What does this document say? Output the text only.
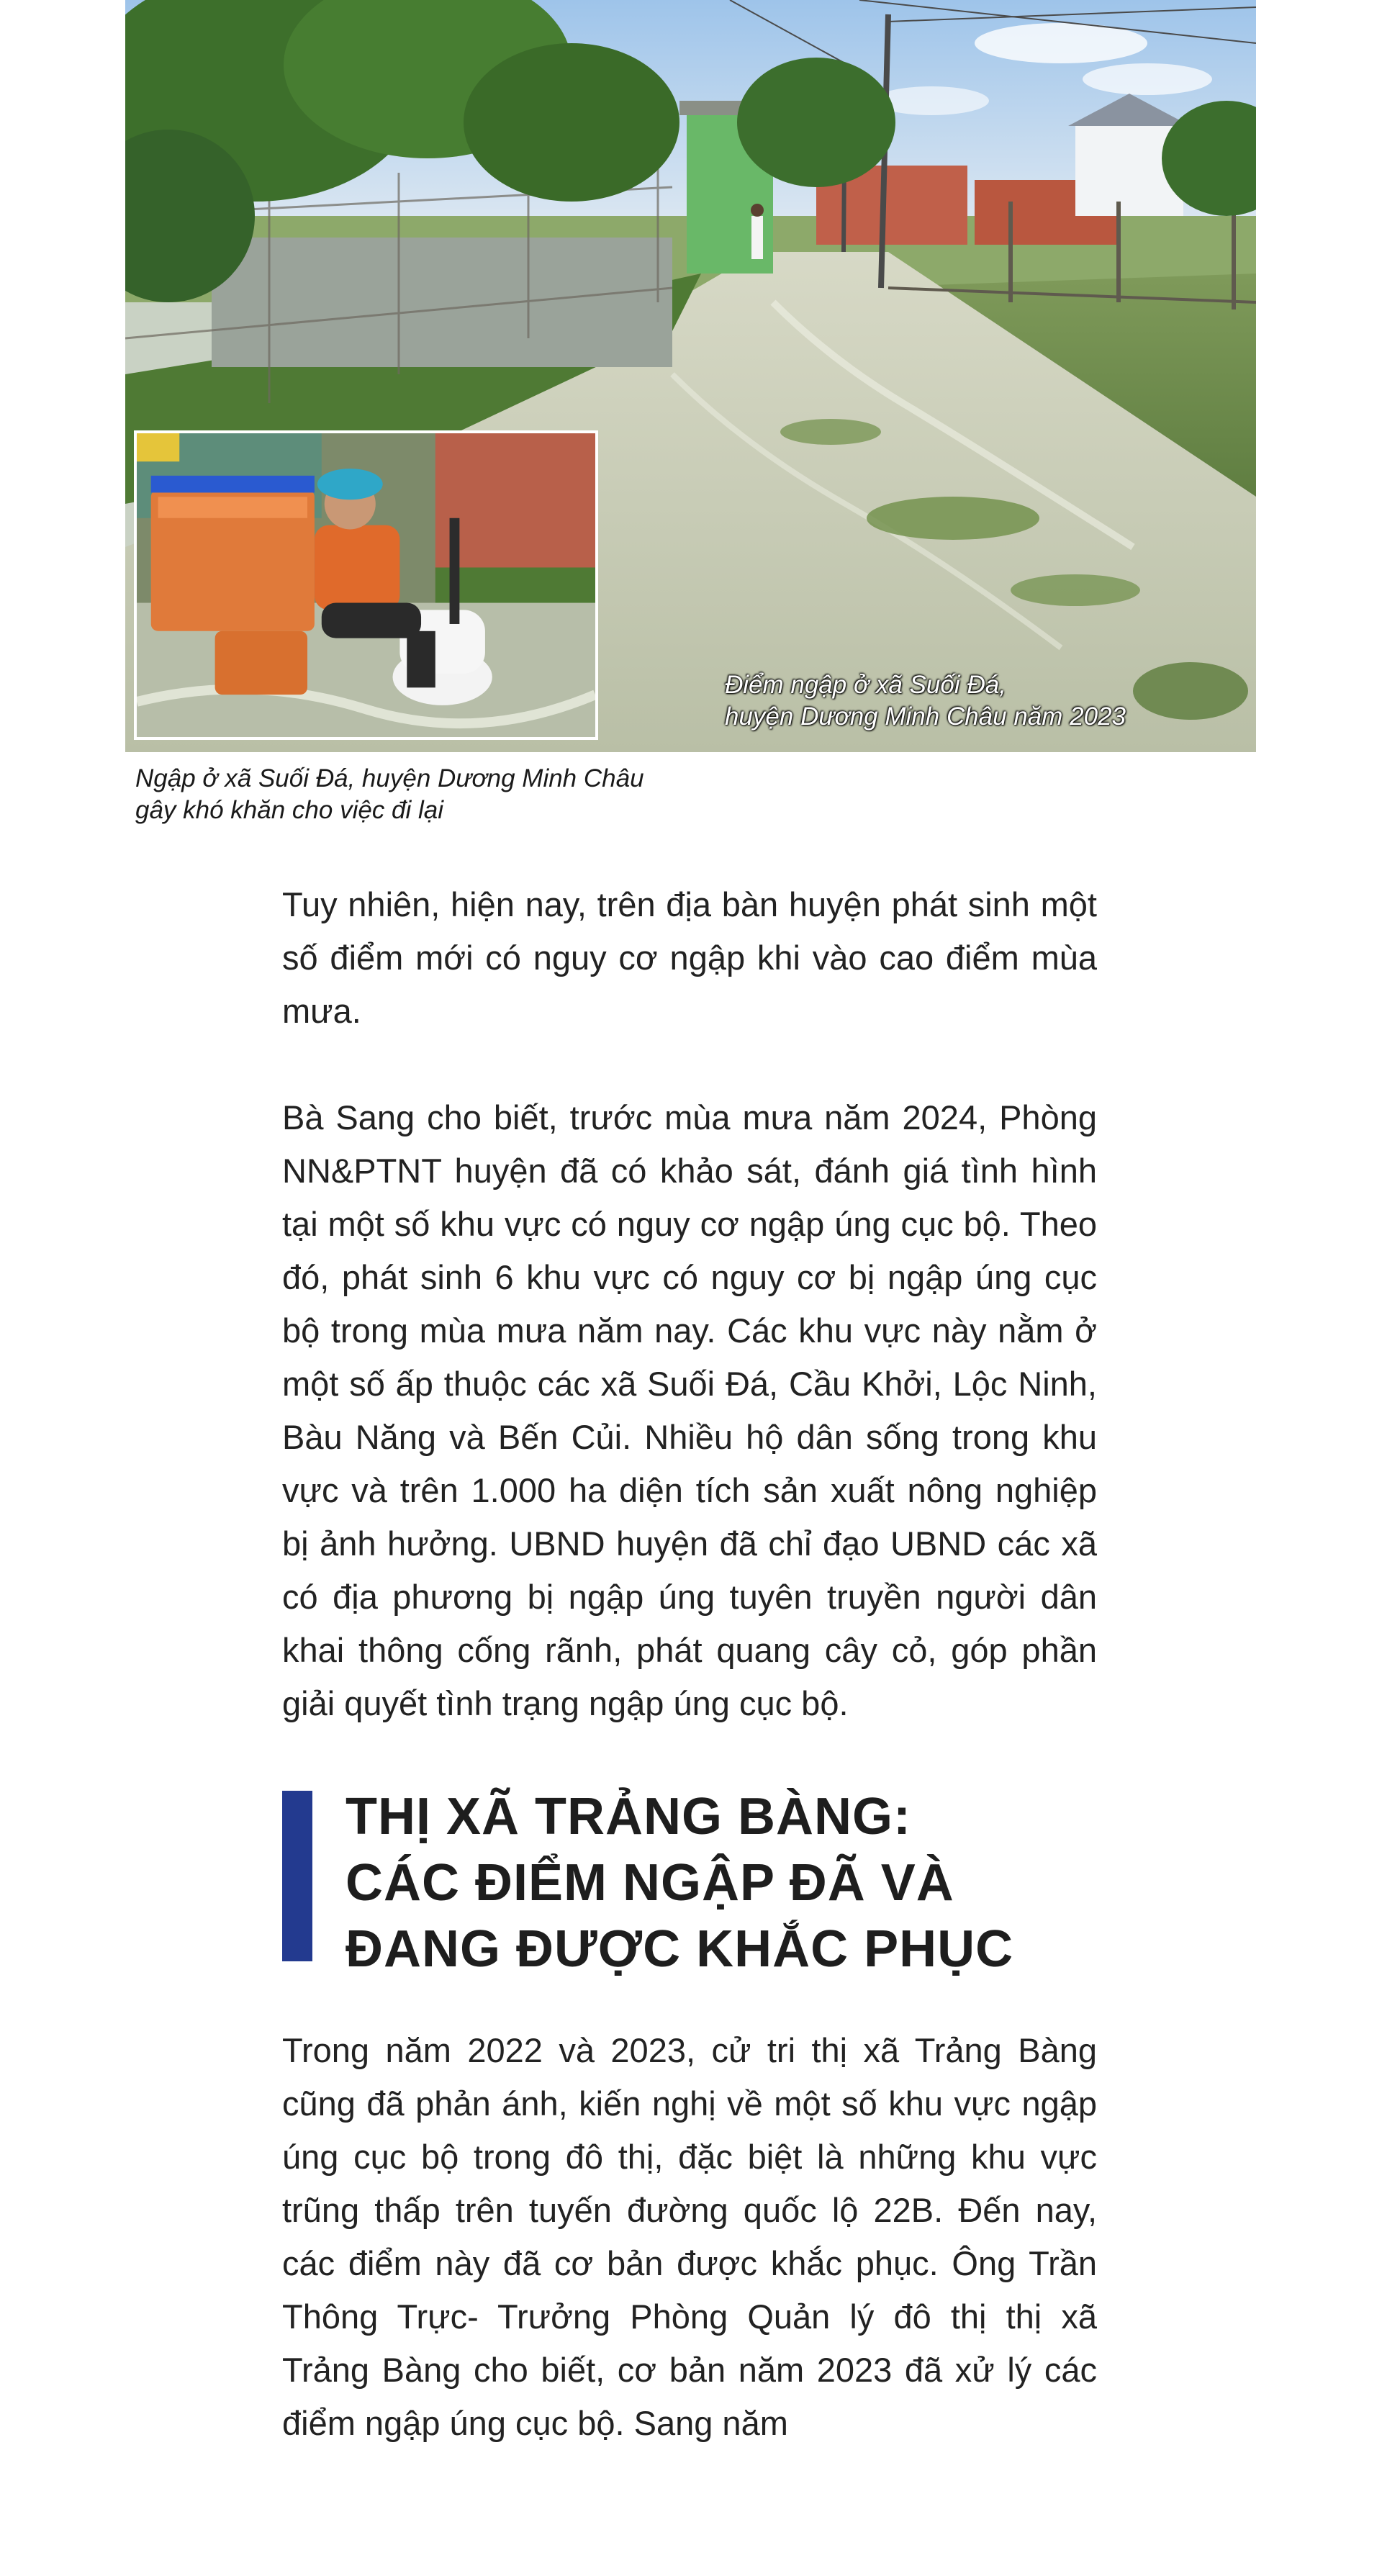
Điểm ngập ở xã Suối Đá,
huyện Dương Minh Châu năm 2023
Ngập ở xã Suối Đá, huyện Dương Minh Châu
gây khó khăn cho việc đi lại

Tuy nhiên, hiện nay, trên địa bàn huyện phát sinh một số điểm mới có nguy cơ ngập khi vào cao điểm mùa mưa.

Bà Sang cho biết, trước mùa mưa năm 2024, Phòng NN&PTNT huyện đã có khảo sát, đánh giá tình hình tại một số khu vực có nguy cơ ngập úng cục bộ. Theo đó, phát sinh 6 khu vực có nguy cơ bị ngập úng cục bộ trong mùa mưa năm nay. Các khu vực này nằm ở một số ấp thuộc các xã Suối Đá, Cầu Khởi, Lộc Ninh, Bàu Năng và Bến Củi. Nhiều hộ dân sống trong khu vực và trên 1.000 ha diện tích sản xuất nông nghiệp bị ảnh hưởng. UBND huyện đã chỉ đạo UBND các xã có địa phương bị ngập úng tuyên truyền người dân khai thông cống rãnh, phát quang cây cỏ, góp phần giải quyết tình trạng ngập úng cục bộ.

THỊ XÃ TRẢNG BÀNG:
CÁC ĐIỂM NGẬP ĐÃ VÀ
ĐANG ĐƯỢC KHẮC PHỤC

Trong năm 2022 và 2023, cử tri thị xã Trảng Bàng cũng đã phản ánh, kiến nghị về một số khu vực ngập úng cục bộ trong đô thị, đặc biệt là những khu vực trũng thấp trên tuyến đường quốc lộ 22B. Đến nay, các điểm này đã cơ bản được khắc phục. Ông Trần Thông Trực- Trưởng Phòng Quản lý đô thị thị xã Trảng Bàng cho biết, cơ bản năm 2023 đã xử lý các điểm ngập úng cục bộ. Sang năm
